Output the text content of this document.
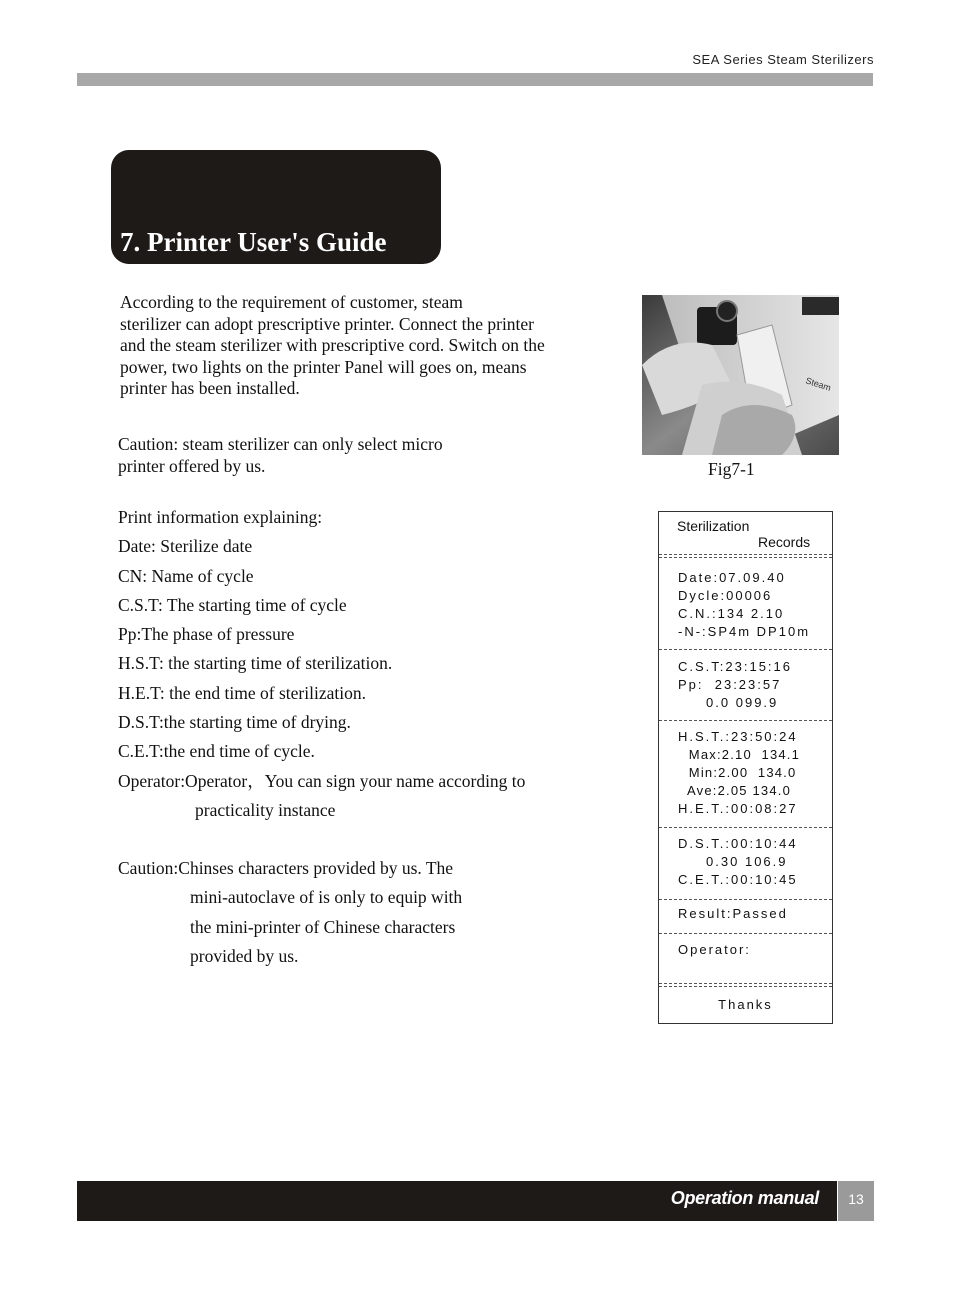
SEA Series Steam Sterilizers
7. Printer User's Guide
According to the requirement of customer, steam
sterilizer can adopt prescriptive printer. Connect the printer
and the steam sterilizer with prescriptive cord. Switch on the
power, two lights on the printer Panel will goes on, means
printer has been installed.
Caution: steam sterilizer can only select micro
printer offered by us.
Print information explaining:
Date: Sterilize date
CN: Name of cycle
C.S.T: The starting time of cycle
Pp:The phase of pressure
H.S.T: the starting time of sterilization.
H.E.T: the end time of sterilization.
D.S.T:the starting time of drying.
C.E.T:the end time of cycle.
Operator:Operator，You can sign your name according to
practicality instance
Caution:Chinses characters provided by us. The
mini-autoclave of is only to equip with
the mini-printer of Chinese characters
provided by us.
Steam
Fig7-1
Sterilization
Records
Date:07.09.40
Dycle:00006
C.N.:134 2.10
-N-:SP4m DP10m
C.S.T:23:15:16
Pp:  23:23:57
0.0 099.9
H.S.T.:23:50:24
Max:2.10  134.1
Min:2.00  134.0
Ave:2.05 134.0
H.E.T.:00:08:27
D.S.T.:00:10:44
0.30 106.9
C.E.T.:00:10:45
Result:Passed
Operator:
Thanks
Operation manual	13
